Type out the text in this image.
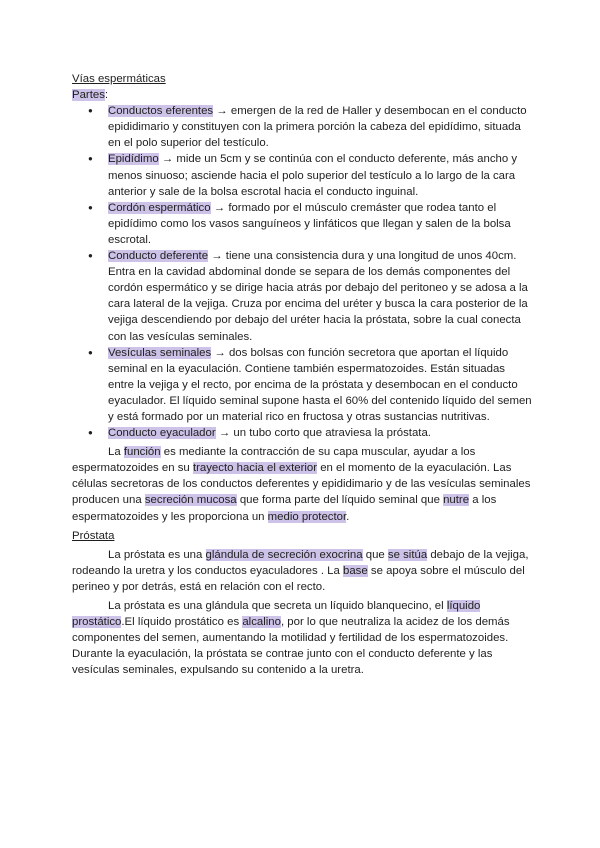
Vías espermáticas

Partes:

● Conductos eferentes → emergen de la red de Haller y desembocan en el conducto epididimario y constituyen con la primera porción la cabeza del epidídimo, situada en el polo superior del testículo.
● Epidídimo → mide un 5cm y se continúa con el conducto deferente, más ancho y menos sinuoso; asciende hacia el polo superior del testículo a lo largo de la cara anterior y sale de la bolsa escrotal hacia el conducto inguinal.
● Cordón espermático → formado por el músculo cremáster que rodea tanto el epidídimo como los vasos sanguíneos y linfáticos que llegan y salen de la bolsa escrotal.
● Conducto deferente → tiene una consistencia dura y una longitud de unos 40cm. Entra en la cavidad abdominal donde se separa de los demás componentes del cordón espermático y se dirige hacia atrás por debajo del peritoneo y se adosa a la cara lateral de la vejiga. Cruza por encima del uréter y busca la cara posterior de la vejiga descendiendo por debajo del uréter hacia la próstata, sobre la cual conecta con las vesículas seminales.
● Vesículas seminales → dos bolsas con función secretora que aportan el líquido seminal en la eyaculación. Contiene también espermatozoides. Están situadas entre la vejiga y el recto, por encima de la próstata y desembocan en el conducto eyaculador. El líquido seminal supone hasta el 60% del contenido líquido del semen y está formado por un material rico en fructosa y otras sustancias nutritivas.
● Conducto eyaculador → un tubo corto que atraviesa la próstata.

La función es mediante la contracción de su capa muscular, ayudar a los espermatozoides en su trayecto hacia el exterior en el momento de la eyaculación. Las células secretoras de los conductos deferentes y epididimario y de las vesículas seminales producen una secreción mucosa que forma parte del líquido seminal que nutre a los espermatozoides y les proporciona un medio protector.

Próstata

La próstata es una glándula de secreción exocrina que se sitúa debajo de la vejiga, rodeando la uretra y los conductos eyaculadores . La base se apoya sobre el músculo del perineo y por detrás, está en relación con el recto.

La próstata es una glándula que secreta un líquido blanquecino, el líquido prostático.El líquido prostático es alcalino, por lo que neutraliza la acidez de los demás componentes del semen, aumentando la motilidad y fertilidad de los espermatozoides. Durante la eyaculación, la próstata se contrae junto con el conducto deferente y las vesículas seminales, expulsando su contenido a la uretra.
